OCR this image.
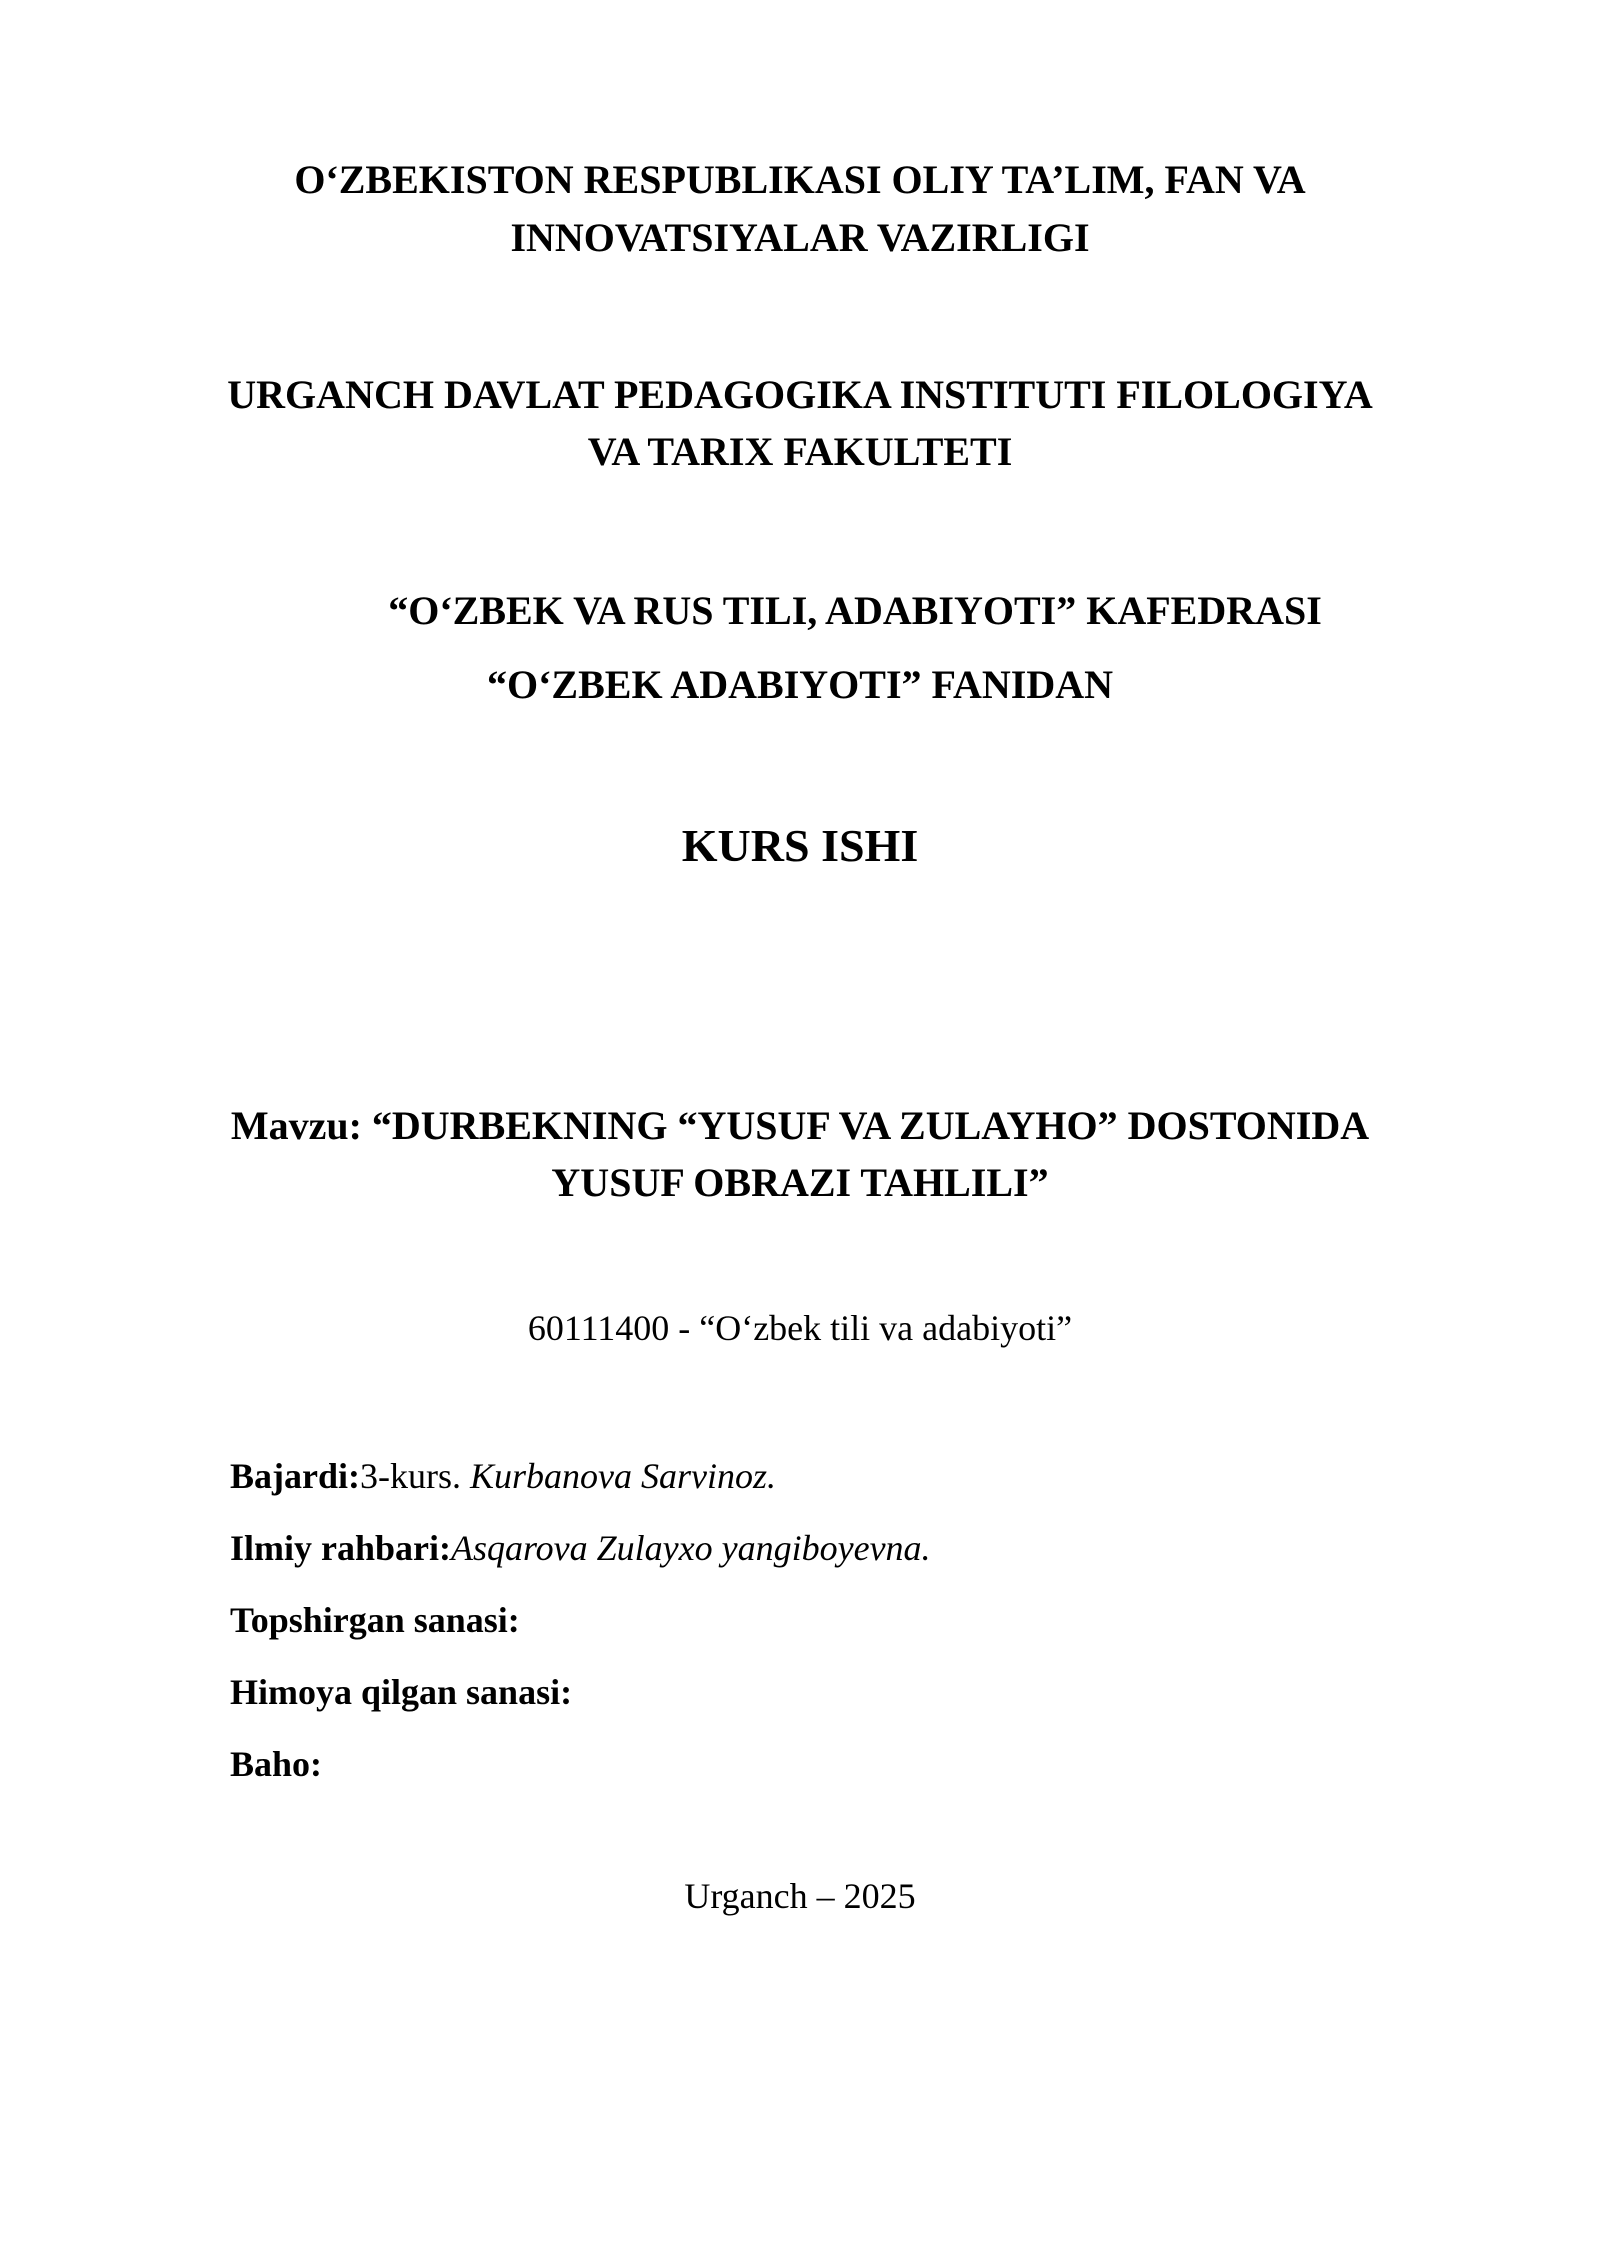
O‘ZBEKISTON RESPUBLIKASI OLIY TA’LIM, FAN VA
INNOVATSIYALAR VAZIRLIGI
URGANCH DAVLAT PEDAGOGIKA INSTITUTI FILOLOGIYA
VA TARIX FAKULTETI
“O‘ZBEK VA RUS TILI, ADABIYOTI” KAFEDRASI
“O‘ZBEK ADABIYOTI” FANIDAN
KURS ISHI
Mavzu: “DURBEKNING “YUSUF VA ZULAYHO” DOSTONIDA
YUSUF OBRAZI TAHLILI”
60111400 - “O‘zbek tili va adabiyoti”
Bajardi:3-kurs. Kurbanova Sarvinoz.
Ilmiy rahbari:Asqarova Zulayxo yangiboyevna.
Topshirgan sanasi:
Himoya qilgan sanasi:
Baho:
Urganch – 2025
